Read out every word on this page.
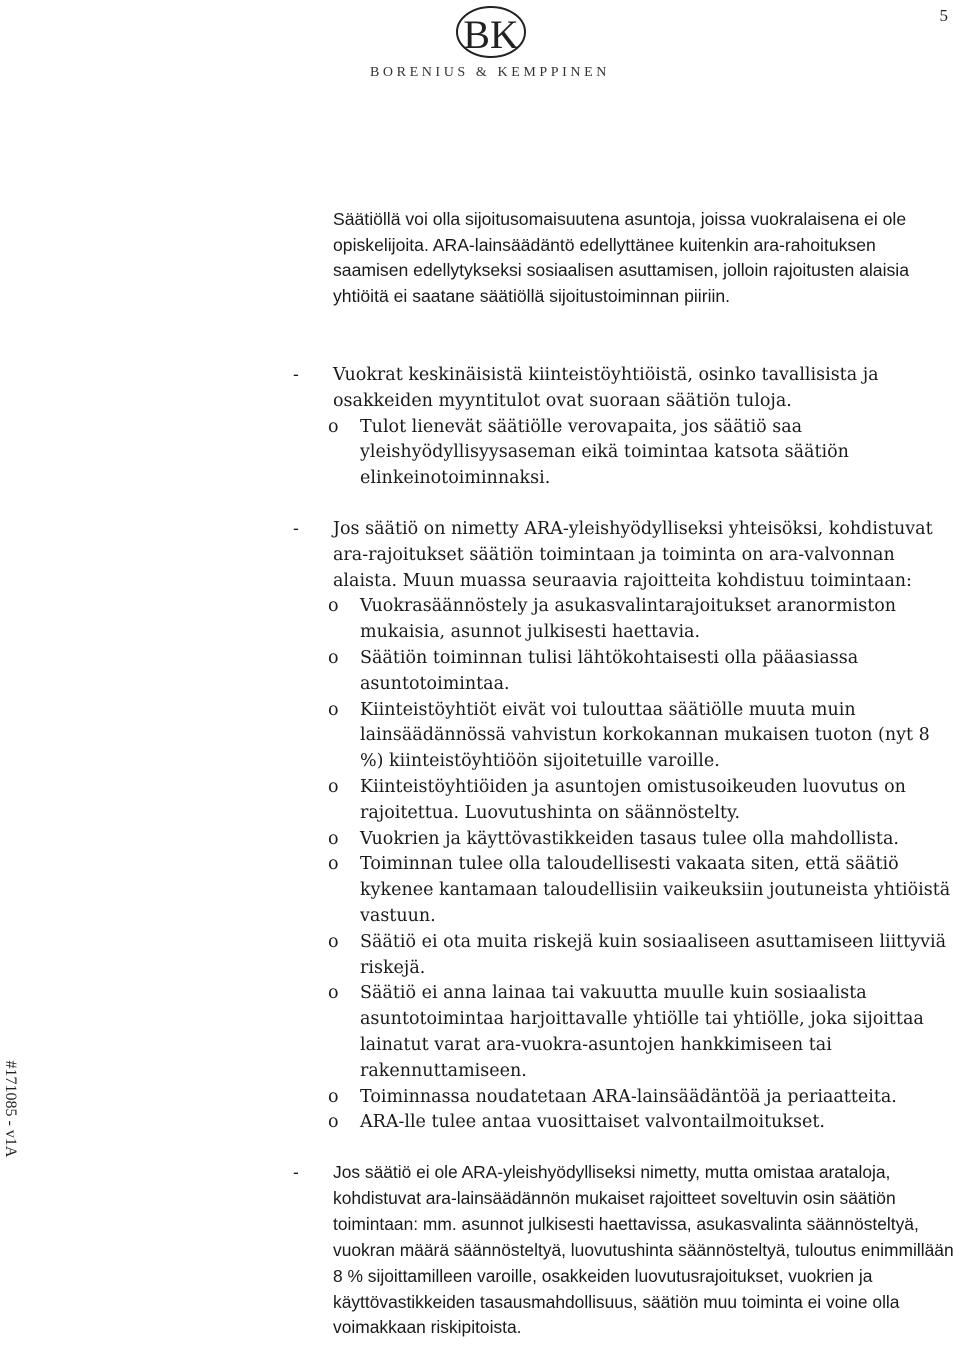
5
BK
BORENIUS & KEMPPINEN
#171085 - v1A

Säätiöllä voi olla sijoitusomaisuutena asuntoja, joissa vuokralaisena ei ole opiskelijoita. ARA-lainsäädäntö edellyttänee kuitenkin ara-rahoituksen saamisen edellytykseksi sosiaalisen asuttamisen, jolloin rajoitusten alaisia yhtiöitä ei saatane säätiöllä sijoitustoiminnan piiriin.

-	Vuokrat keskinäisistä kiinteistöyhtiöistä, osinko tavallisista ja osakkeiden myyntitulot ovat suoraan säätiön tuloja.
o Tulot lienevät säätiölle verovapaita, jos säätiö saa yleishyödyllisyysaseman eikä toimintaa katsota säätiön elinkeinotoiminnaksi.
-	Jos säätiö on nimetty ARA-yleishyödylliseksi yhteisöksi, kohdistuvat ara-rajoitukset säätiön toimintaan ja toiminta on ara-valvonnan alaista. Muun muassa seuraavia rajoitteita kohdistuu toimintaan:
o Vuokrasäännöstely ja asukasvalintarajoitukset aranormiston mukaisia, asunnot julkisesti haettavia.
o Säätiön toiminnan tulisi lähtökohtaisesti olla pääasiassa asuntotoimintaa.
o Kiinteistöyhtiöt eivät voi tulouttaa säätiölle muuta muin lainsäädännössä vahvistun korkokannan mukaisen tuoton (nyt 8 %) kiinteistöyhtiöön sijoitetuille varoille.
o Kiinteistöyhtiöiden ja asuntojen omistusoikeuden luovutus on rajoitettua. Luovutushinta on säännöstelty.
o Vuokrien ja käyttövastikkeiden tasaus tulee olla mahdollista.
o Toiminnan tulee olla taloudellisesti vakaata siten, että säätiö kykenee kantamaan taloudellisiin vaikeuksiin joutuneista yhtiöistä vastuun.
o Säätiö ei ota muita riskejä kuin sosiaaliseen asuttamiseen liittyviä riskejä.
o Säätiö ei anna lainaa tai vakuutta muulle kuin sosiaalista asuntotoimintaa harjoittavalle yhtiölle tai yhtiölle, joka sijoittaa lainatut varat ara-vuokra-asuntojen hankkimiseen tai rakennuttamiseen.
o Toiminnassa noudatetaan ARA-lainsäädäntöä ja periaatteita.
o ARA-lle tulee antaa vuosittaiset valvontailmoitukset.
-	Jos säätiö ei ole ARA-yleishyödylliseksi nimetty, mutta omistaa arataloja, kohdistuvat ara-lainsäädännön mukaiset rajoitteet soveltuvin osin säätiön toimintaan: mm. asunnot julkisesti haettavissa, asukasvalinta säännösteltyä, vuokran määrä säännösteltyä, luovutushinta säännösteltyä, tuloutus enimmillään 8 % sijoittamilleen varoille, osakkeiden luovutusrajoitukset, vuokrien ja käyttövastikkeiden tasausmahdollisuus, säätiön muu toiminta ei voine olla voimakkaan riskipitoista.
